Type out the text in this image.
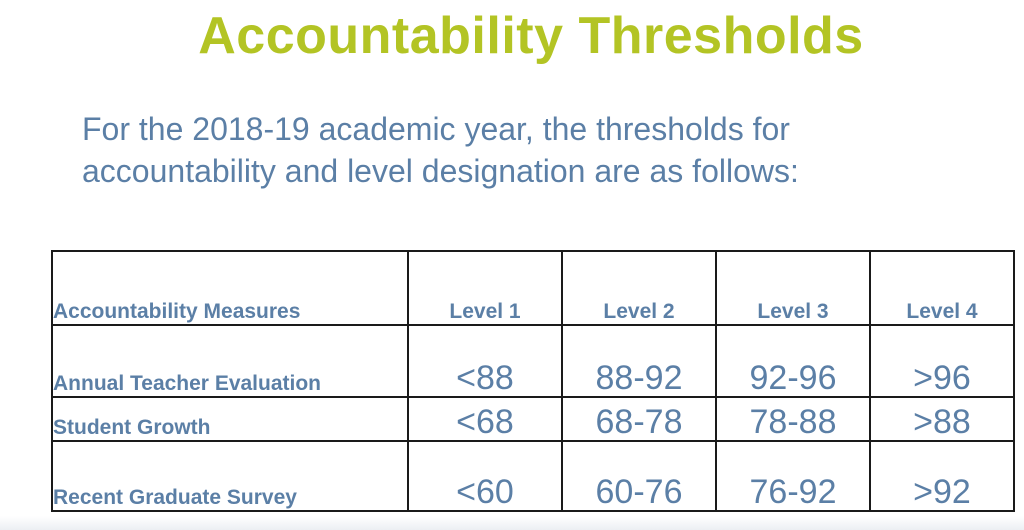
Accountability Thresholds
For the 2018-19 academic year, the thresholds for
accountability and level designation are as follows:
Accountability Measures	Level 1	Level 2	Level 3	Level 4
Annual Teacher Evaluation	<88	88-92	92-96	>96
Student Growth	<68	68-78	78-88	>88
Recent Graduate Survey	<60	60-76	76-92	>92
